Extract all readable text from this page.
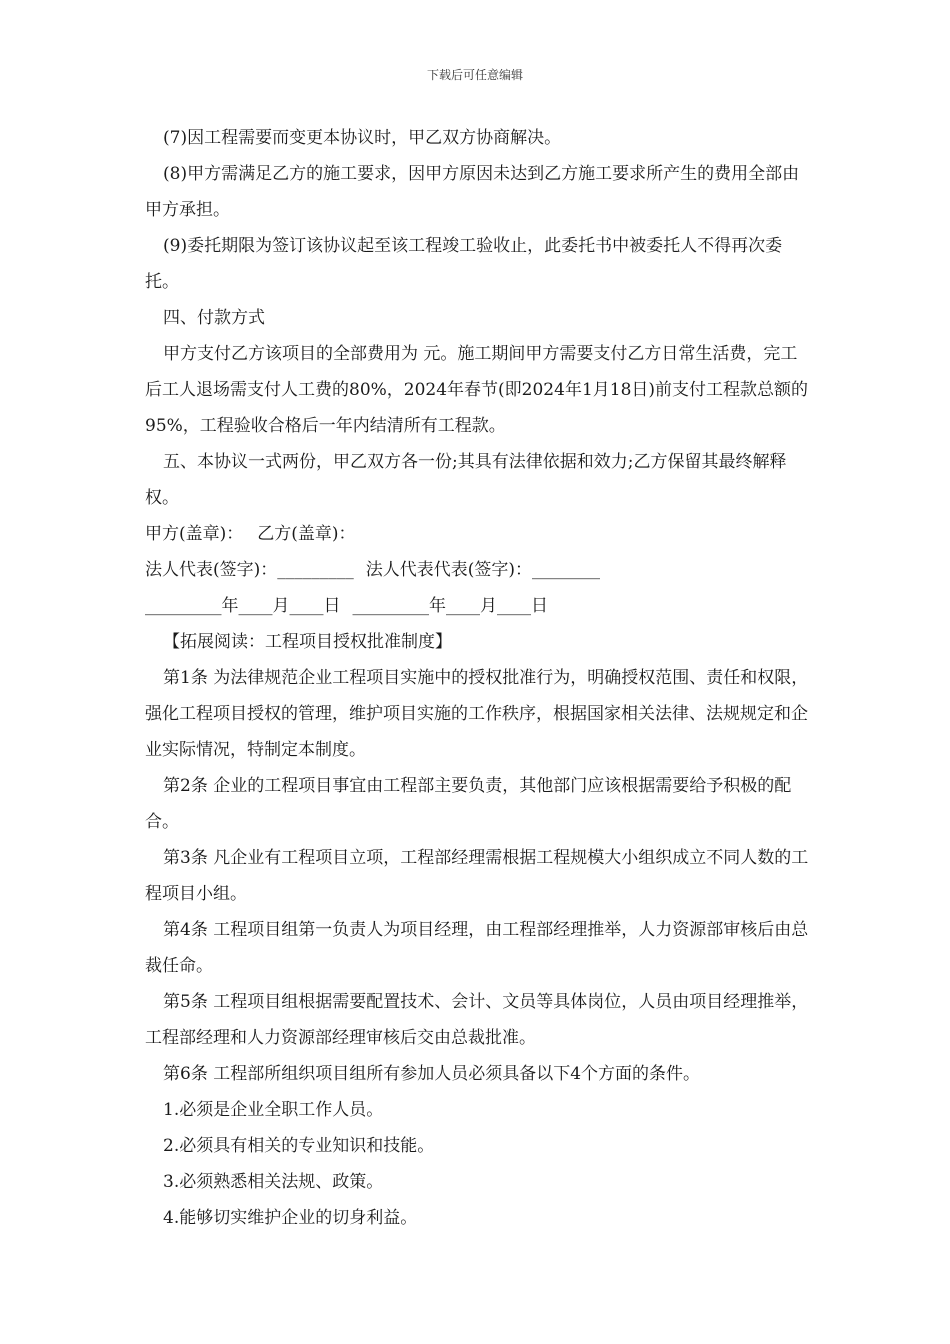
下载后可任意编辑

(7)因工程需要而变更本协议时，甲乙双方协商解决。

(8)甲方需满足乙方的施工要求，因甲方原因未达到乙方施工要求所产生的费用全部由甲方承担。

(9)委托期限为签订该协议起至该工程竣工验收止，此委托书中被委托人不得再次委托。

四、付款方式

甲方支付乙方该项目的全部费用为 元。施工期间甲方需要支付乙方日常生活费，完工后工人退场需支付人工费的80%，2024年春节(即2024年1月18日)前支付工程款总额的95%，工程验收合格后一年内结清所有工程款。

五、本协议一式两份，甲乙双方各一份;其具有法律依据和效力;乙方保留其最终解释权。

甲方(盖章)： 乙方(盖章)：

法人代表(签字)：_________ 法人代表代表(签字)：________

_________年____月____日 _________年____月____日

【拓展阅读：工程项目授权批准制度】

第1条 为法律规范企业工程项目实施中的授权批准行为，明确授权范围、责任和权限，强化工程项目授权的管理，维护项目实施的工作秩序，根据国家相关法律、法规规定和企业实际情况，特制定本制度。

第2条 企业的工程项目事宜由工程部主要负责，其他部门应该根据需要给予积极的配合。

第3条 凡企业有工程项目立项，工程部经理需根据工程规模大小组织成立不同人数的工程项目小组。

第4条 工程项目组第一负责人为项目经理，由工程部经理推举，人力资源部审核后由总裁任命。

第5条 工程项目组根据需要配置技术、会计、文员等具体岗位，人员由项目经理推举，工程部经理和人力资源部经理审核后交由总裁批准。

第6条 工程部所组织项目组所有参加人员必须具备以下4个方面的条件。

1.必须是企业全职工作人员。

2.必须具有相关的专业知识和技能。

3.必须熟悉相关法规、政策。

4.能够切实维护企业的切身利益。
